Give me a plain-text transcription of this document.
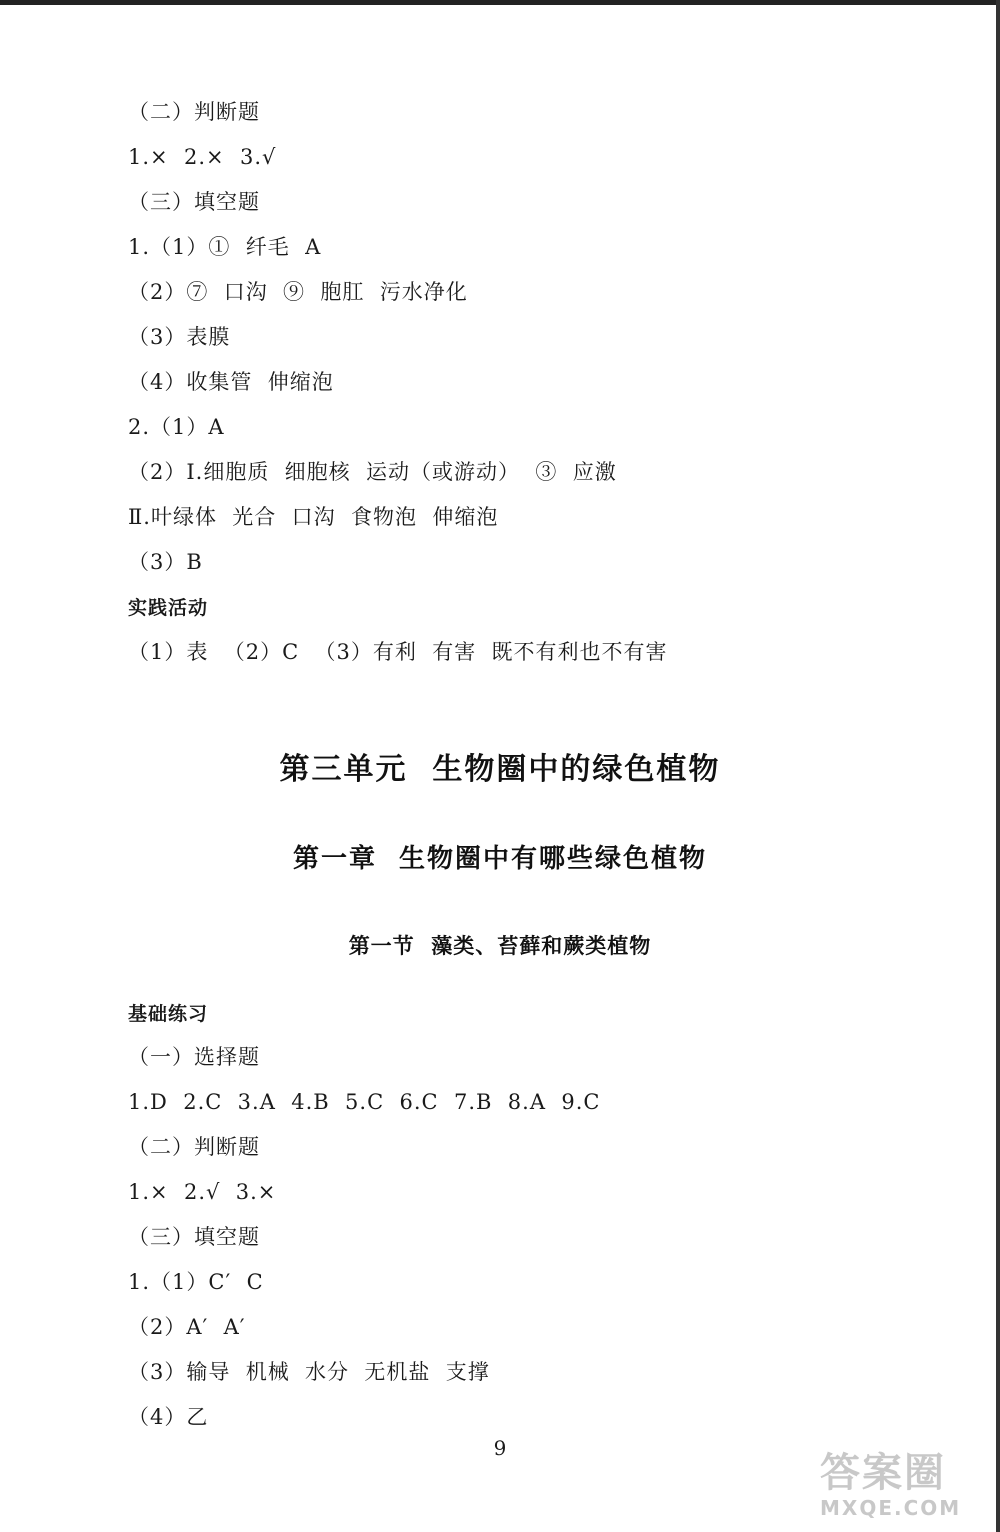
（二）判断题
1.×  2.×  3.√
（三）填空题
1.（1）①  纤毛  A
（2）⑦  口沟  ⑨  胞肛  污水净化
（3）表膜
（4）收集管  伸缩泡
2.（1）A
（2）Ⅰ.细胞质  细胞核  运动（或游动）  ③  应激
Ⅱ.叶绿体  光合  口沟  食物泡  伸缩泡
（3）B
实践活动
（1）表  （2）C  （3）有利  有害  既不有利也不有害
第三单元  生物圈中的绿色植物
第一章  生物圈中有哪些绿色植物
第一节  藻类、苔藓和蕨类植物
基础练习
（一）选择题
1.D  2.C  3.A  4.B  5.C  6.C  7.B  8.A  9.C
（二）判断题
1.×  2.√  3.×
（三）填空题
1.（1）C′  C
（2）A′  A′
（3）输导  机械  水分  无机盐  支撑
（4）乙
9
答案圈
MXQE.COM
